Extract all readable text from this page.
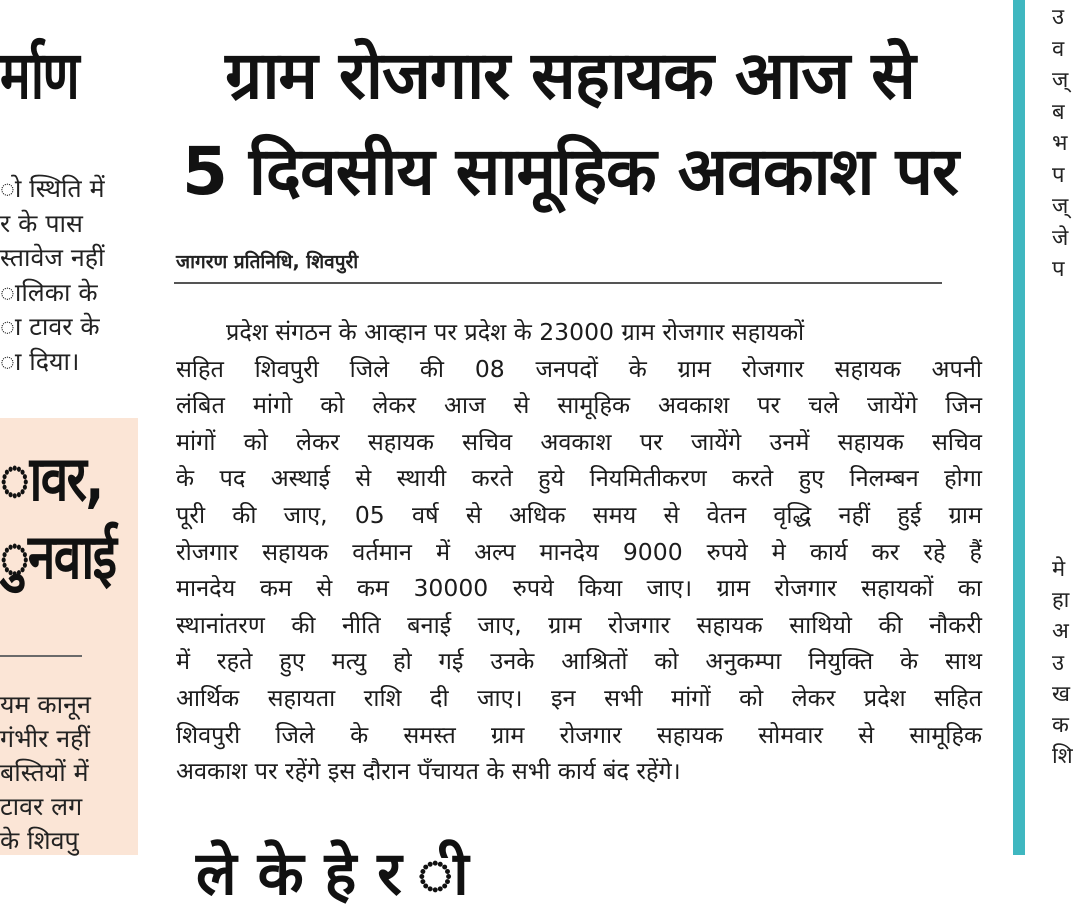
र्माण
ो स्थिति में
र के पास
स्तावेज नहीं
ालिका के
ा टावर के
ा दिया।
ावर,
ुनवाई
यम कानून
गंभीर नहीं
बस्तियों में
टावर लग
के शिवपु
ग्राम रोजगार सहायक आज से
5 दिवसीय सामूहिक अवकाश पर
जागरण प्रतिनिधि, शिवपुरी
प्रदेश संगठन के आव्हान पर प्रदेश के 23000 ग्राम रोजगार सहायकों
सहित शिवपुरी जिले की 08 जनपदों के ग्राम रोजगार सहायक अपनी
लंबित मांगो को लेकर आज से सामूहिक अवकाश पर चले जायेंगे जिन
मांगों को लेकर सहायक सचिव अवकाश पर जायेंगे उनमें सहायक सचिव
के पद अस्थाई से स्थायी करते हुये नियमितीकरण करते हुए निलम्बन होगा
पूरी की जाए, 05 वर्ष से अधिक समय से वेतन वृद्धि नहीं हुई ग्राम
रोजगार सहायक वर्तमान में अल्प मानदेय 9000 रुपये मे कार्य कर रहे हैं
मानदेय कम से कम 30000 रुपये किया जाए। ग्राम रोजगार सहायकों का
स्थानांतरण की नीति बनाई जाए, ग्राम रोजगार सहायक साथियो की नौकरी
में रहते हुए मत्यु हो गई उनके आश्रितों को अनुकम्पा नियुक्ति के साथ
आर्थिक सहायता राशि दी जाए। इन सभी मांगों को लेकर प्रदेश सहित
शिवपुरी जिले के समस्त ग्राम रोजगार सहायक सोमवार से सामूहिक
अवकाश पर रहेंगे इस दौरान पँचायत के सभी कार्य बंद रहेंगे।
ले के हे र ी
उ
व
ज्
ब
भ
प
ज्
जे
प
मे
हा
अ
उ
ख
क
शि
